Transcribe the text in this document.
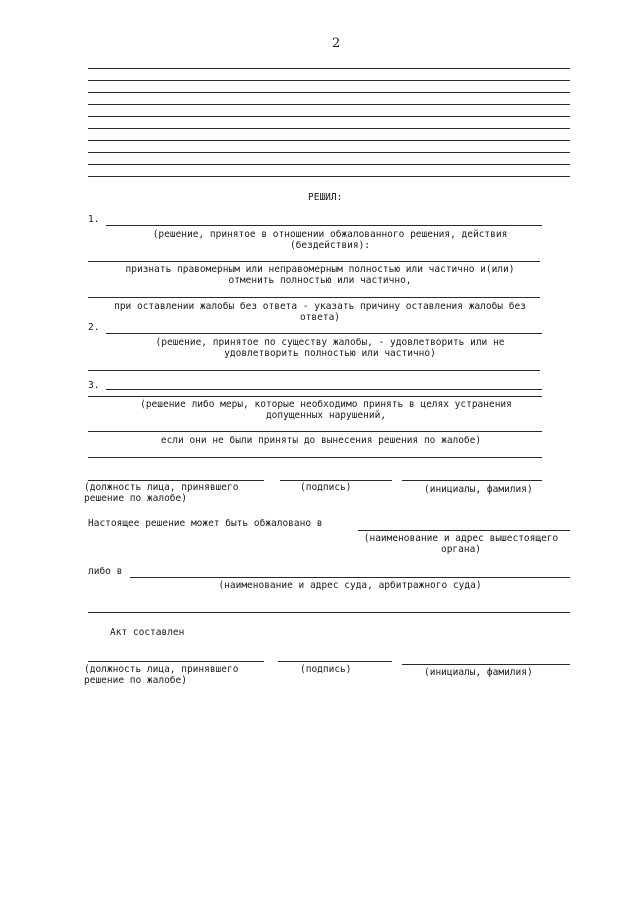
2
РЕШИЛ:
1.
(решение, принятое в отношении обжалованного решения, действия (бездействия):
признать правомерным или неправомерным полностью или частично и(или) отменить полностью или частично,
при оставлении жалобы без ответа - указать причину оставления жалобы без ответа)
2.
(решение, принятое по существу жалобы, - удовлетворить или не удовлетворить полностью или частично)
3.
(решение либо меры, которые необходимо принять в целях устранения допущенных нарушений,
если они не были приняты до вынесения решения по жалобе)
(должность лица, принявшего решение по жалобе)
(подпись)	(инициалы, фамилия)
Настоящее решение может быть обжаловано в
(наименование и адрес вышестоящего органа)
либо в
(наименование и адрес суда, арбитражного суда)
Акт составлен
(должность лица, принявшего решение по жалобе)
(подпись)	(инициалы, фамилия)
